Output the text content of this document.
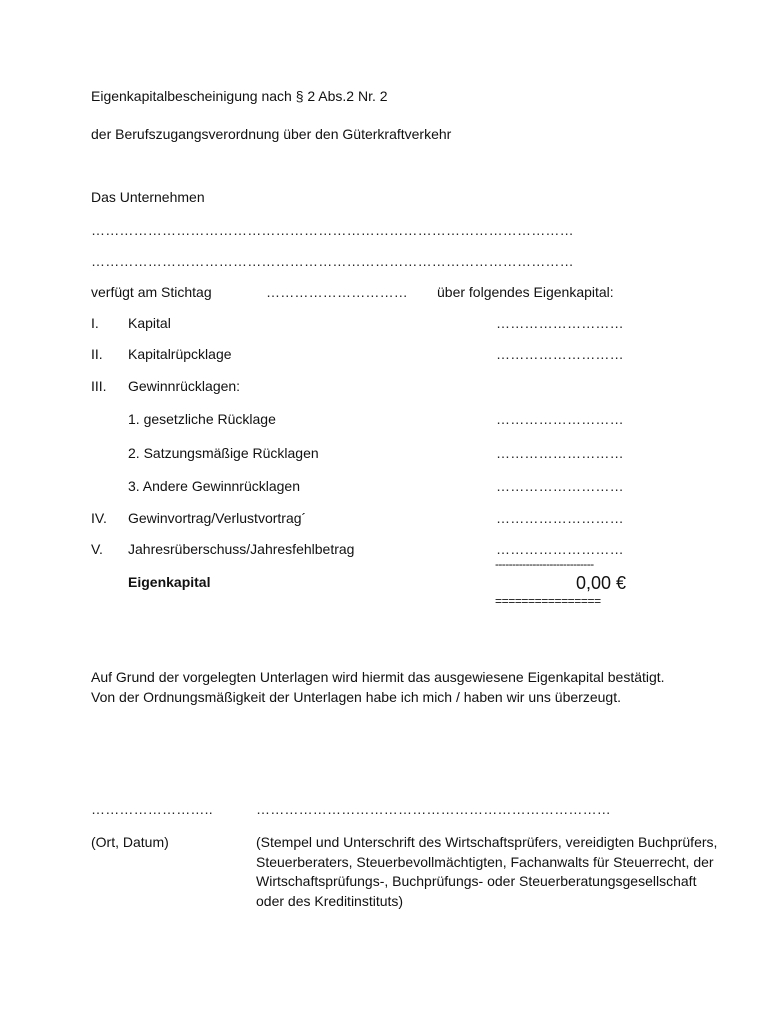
Eigenkapitalbescheinigung nach § 2 Abs.2 Nr. 2
der Berufszugangsverordnung über den Güterkraftverkehr
Das Unternehmen
…………………………………………………………………………………………
…………………………………………………………………………………………
verfügt am Stichtag	………………………… über folgendes Eigenkapital:
I. Kapital	………………………
II. Kapitalrüpcklage	………………………
III. Gewinnrücklagen:
1. gesetzliche Rücklage	………………………
2. Satzungsmäßige Rücklagen	………………………
3. Andere Gewinnrücklagen	………………………
IV. Gewinvortrag/Verlustvortrag´	………………………
V. Jahresrüberschuss/Jahresfehlbetrag	………………………
-----------------------------
Eigenkapital	0,00 €
================
Auf Grund der vorgelegten Unterlagen wird hiermit das ausgewiesene Eigenkapital bestätigt. Von der Ordnungsmäßigkeit der Unterlagen habe ich mich / haben wir uns überzeugt.
……………………..	…………………………………………………………………
(Ort, Datum)	(Stempel und Unterschrift des Wirtschaftsprüfers, vereidigten Buchprüfers, Steuerberaters, Steuerbevollmächtigten, Fachanwalts für Steuerrecht, der Wirtschaftsprüfungs-, Buchprüfungs- oder Steuerberatungsgesellschaft oder des Kreditinstituts)
